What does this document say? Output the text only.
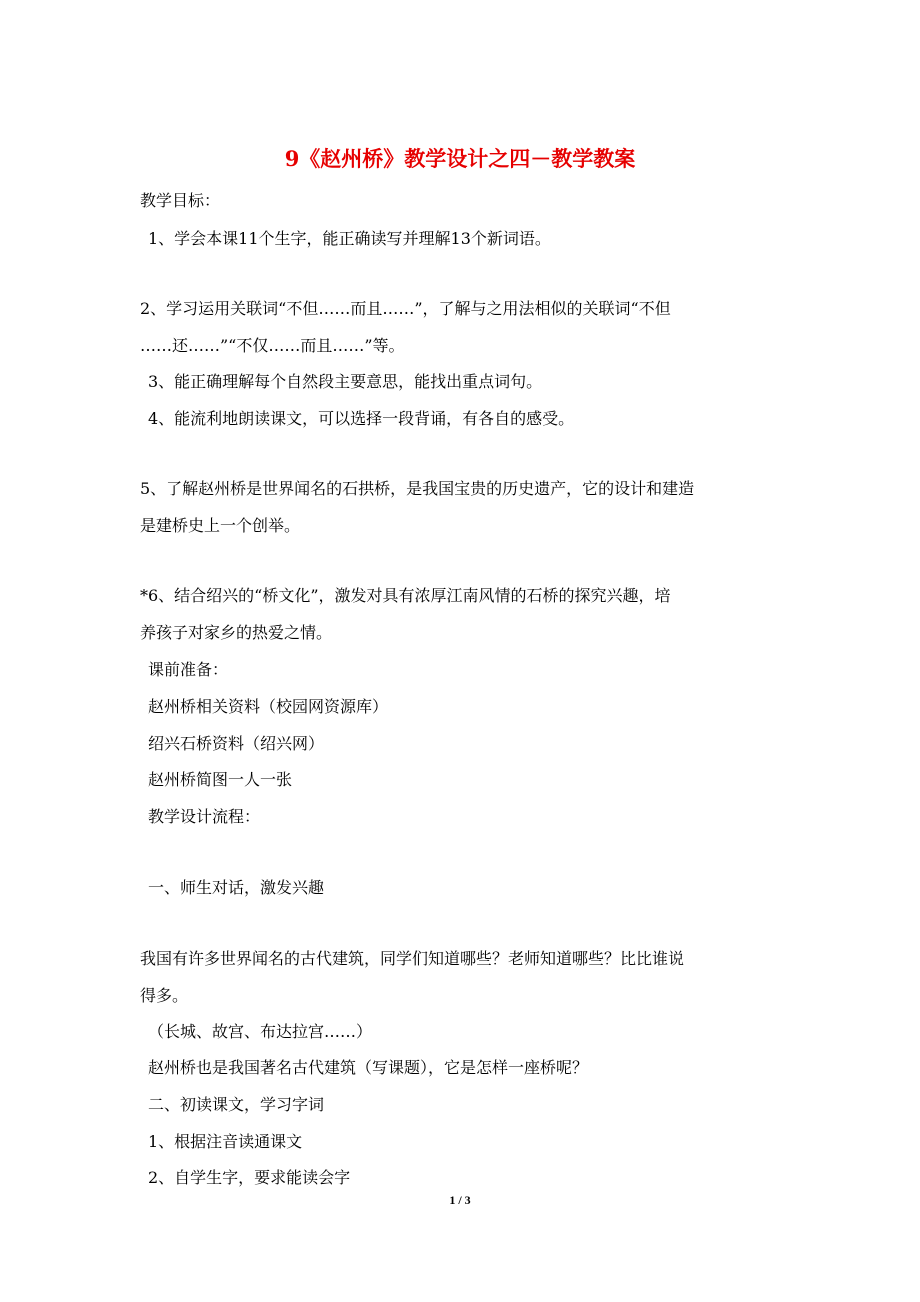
9《赵州桥》教学设计之四－教学教案
教学目标：
1、学会本课11个生字，能正确读写并理解13个新词语。
2、学习运用关联词“不但……而且……”，了解与之用法相似的关联词“不但
……还……”“不仅……而且……”等。
3、能正确理解每个自然段主要意思，能找出重点词句。
4、能流利地朗读课文，可以选择一段背诵，有各自的感受。
5、了解赵州桥是世界闻名的石拱桥，是我国宝贵的历史遗产，它的设计和建造
是建桥史上一个创举。
*6、结合绍兴的“桥文化”，激发对具有浓厚江南风情的石桥的探究兴趣，培
养孩子对家乡的热爱之情。
课前准备：
赵州桥相关资料（校园网资源库）
绍兴石桥资料（绍兴网）
赵州桥简图一人一张
教学设计流程：
一、师生对话，激发兴趣
我国有许多世界闻名的古代建筑，同学们知道哪些？老师知道哪些？比比谁说
得多。
（长城、故宫、布达拉宫……）
赵州桥也是我国著名古代建筑（写课题），它是怎样一座桥呢？
二、初读课文，学习字词
1、根据注音读通课文
2、自学生字，要求能读会字
1 / 3
